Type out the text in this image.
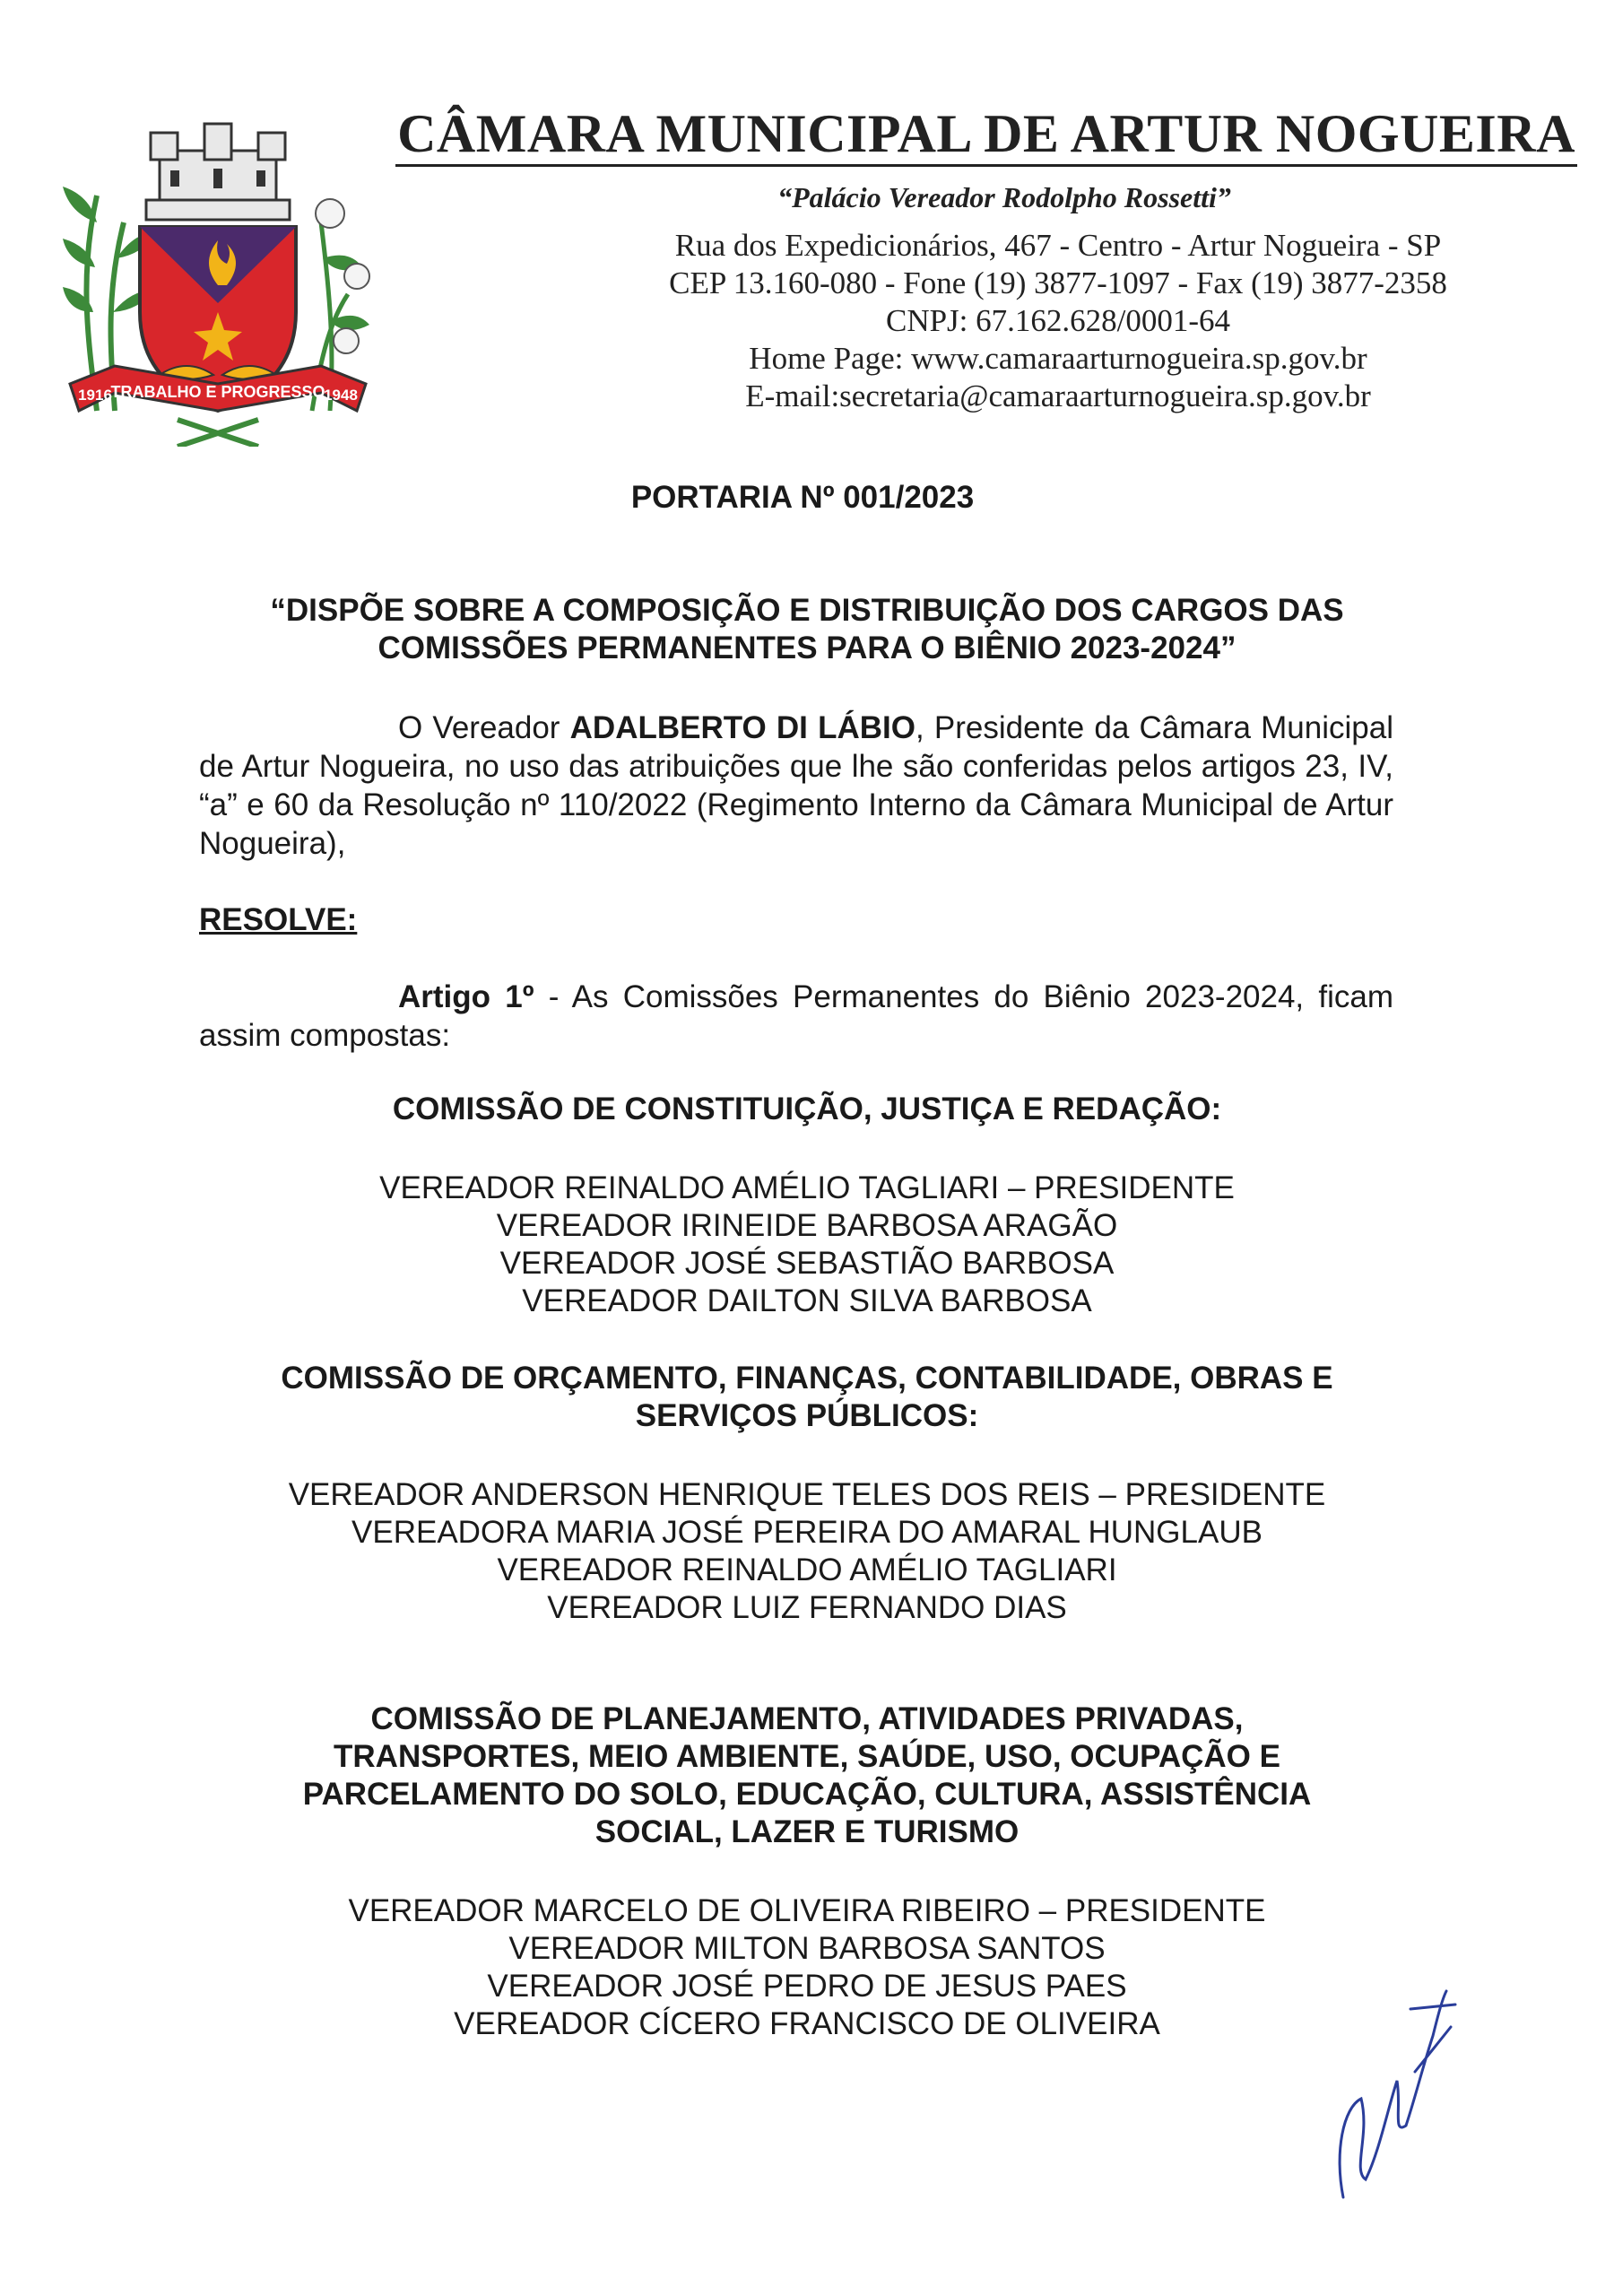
TRABALHO E PROGRESSO
1916	1948
CÂMARA MUNICIPAL DE ARTUR NOGUEIRA
“Palácio Vereador Rodolpho Rossetti”
Rua dos Expedicionários, 467 - Centro - Artur Nogueira - SP
CEP 13.160-080 - Fone (19) 3877-1097 - Fax (19) 3877-2358
CNPJ: 67.162.628/0001-64
Home Page: www.camaraarturnogueira.sp.gov.br
E-mail:secretaria@camaraarturnogueira.sp.gov.br
PORTARIA Nº 001/2023
“DISPÕE SOBRE A COMPOSIÇÃO E DISTRIBUIÇÃO DOS CARGOS DAS
COMISSÕES PERMANENTES PARA O BIÊNIO 2023-2024”
O Vereador ADALBERTO DI LÁBIO, Presidente da Câmara Municipal de Artur Nogueira, no uso das atribuições que lhe são conferidas pelos artigos 23, IV, “a” e 60 da Resolução nº 110/2022 (Regimento Interno da Câmara Municipal de Artur Nogueira),
RESOLVE:
Artigo 1º - As Comissões Permanentes do Biênio 2023-2024, ficam assim compostas:
COMISSÃO DE CONSTITUIÇÃO, JUSTIÇA E REDAÇÃO:
VEREADOR REINALDO AMÉLIO TAGLIARI – PRESIDENTE
VEREADOR IRINEIDE BARBOSA ARAGÃO
VEREADOR JOSÉ SEBASTIÃO BARBOSA
VEREADOR DAILTON SILVA BARBOSA
COMISSÃO DE ORÇAMENTO, FINANÇAS, CONTABILIDADE, OBRAS E
SERVIÇOS PÚBLICOS:
VEREADOR ANDERSON HENRIQUE TELES DOS REIS – PRESIDENTE
VEREADORA MARIA JOSÉ PEREIRA DO AMARAL HUNGLAUB
VEREADOR REINALDO AMÉLIO TAGLIARI
VEREADOR LUIZ FERNANDO DIAS
COMISSÃO DE PLANEJAMENTO, ATIVIDADES PRIVADAS,
TRANSPORTES, MEIO AMBIENTE, SAÚDE, USO, OCUPAÇÃO E
PARCELAMENTO DO SOLO, EDUCAÇÃO, CULTURA, ASSISTÊNCIA
SOCIAL, LAZER E TURISMO
VEREADOR MARCELO DE OLIVEIRA RIBEIRO – PRESIDENTE
VEREADOR MILTON BARBOSA SANTOS
VEREADOR JOSÉ PEDRO DE JESUS PAES
VEREADOR CÍCERO FRANCISCO DE OLIVEIRA
